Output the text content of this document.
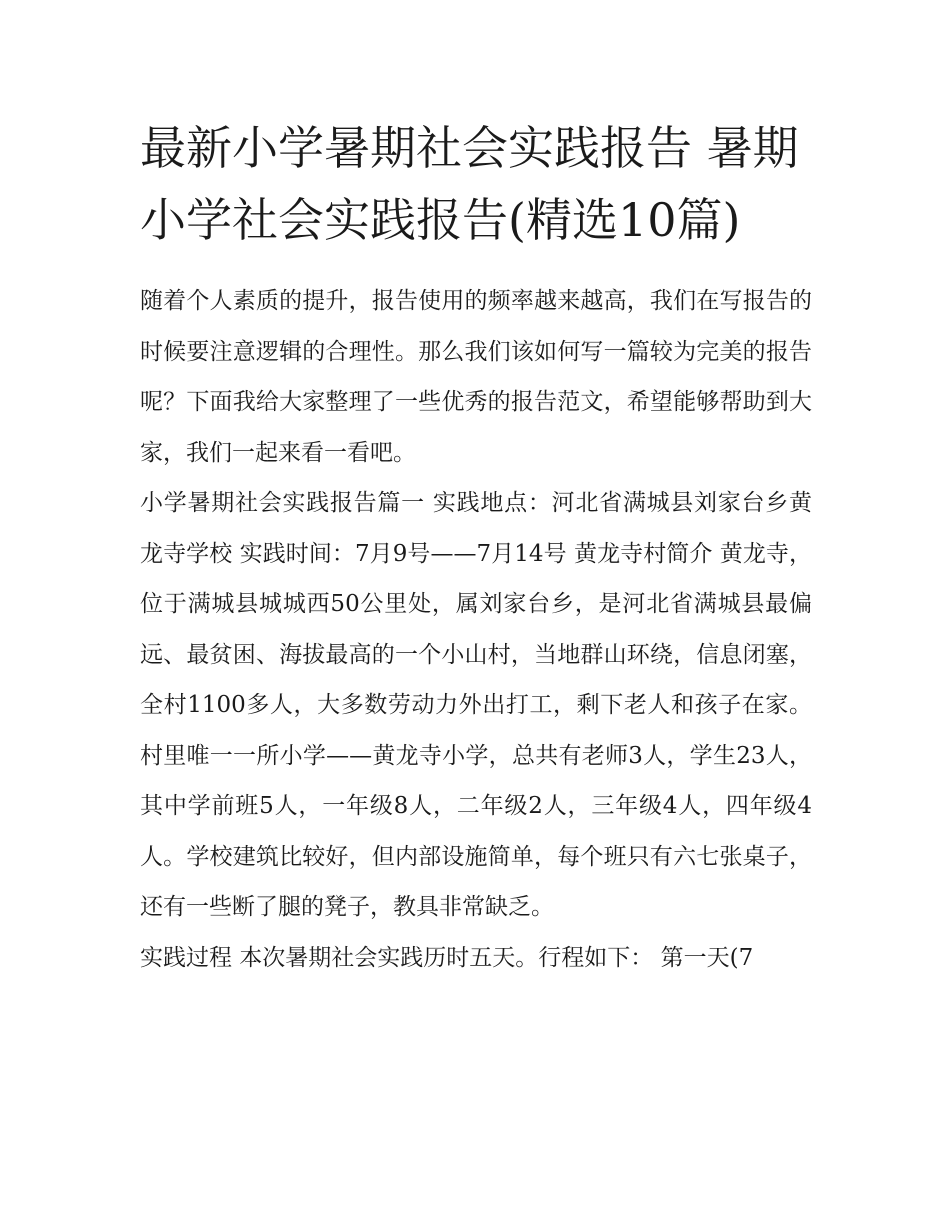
最新小学暑期社会实践报告 暑期小学社会实践报告(精选10篇)

随着个人素质的提升，报告使用的频率越来越高，我们在写报告的时候要注意逻辑的合理性。那么我们该如何写一篇较为完美的报告呢？下面我给大家整理了一些优秀的报告范文，希望能够帮助到大家，我们一起来看一看吧。

小学暑期社会实践报告篇一 实践地点：河北省满城县刘家台乡黄龙寺学校 实践时间：7月9号——7月14号 黄龙寺村简介 黄龙寺，位于满城县城城西50公里处，属刘家台乡，是河北省满城县最偏远、最贫困、海拔最高的一个小山村，当地群山环绕，信息闭塞，全村1100多人，大多数劳动力外出打工，剩下老人和孩子在家。村里唯一一所小学——黄龙寺小学，总共有老师3人，学生23人，其中学前班5人，一年级8人，二年级2人，三年级4人，四年级4人。学校建筑比较好，但内部设施简单，每个班只有六七张桌子，还有一些断了腿的凳子，教具非常缺乏。

实践过程 本次暑期社会实践历时五天。行程如下： 第一天(7
